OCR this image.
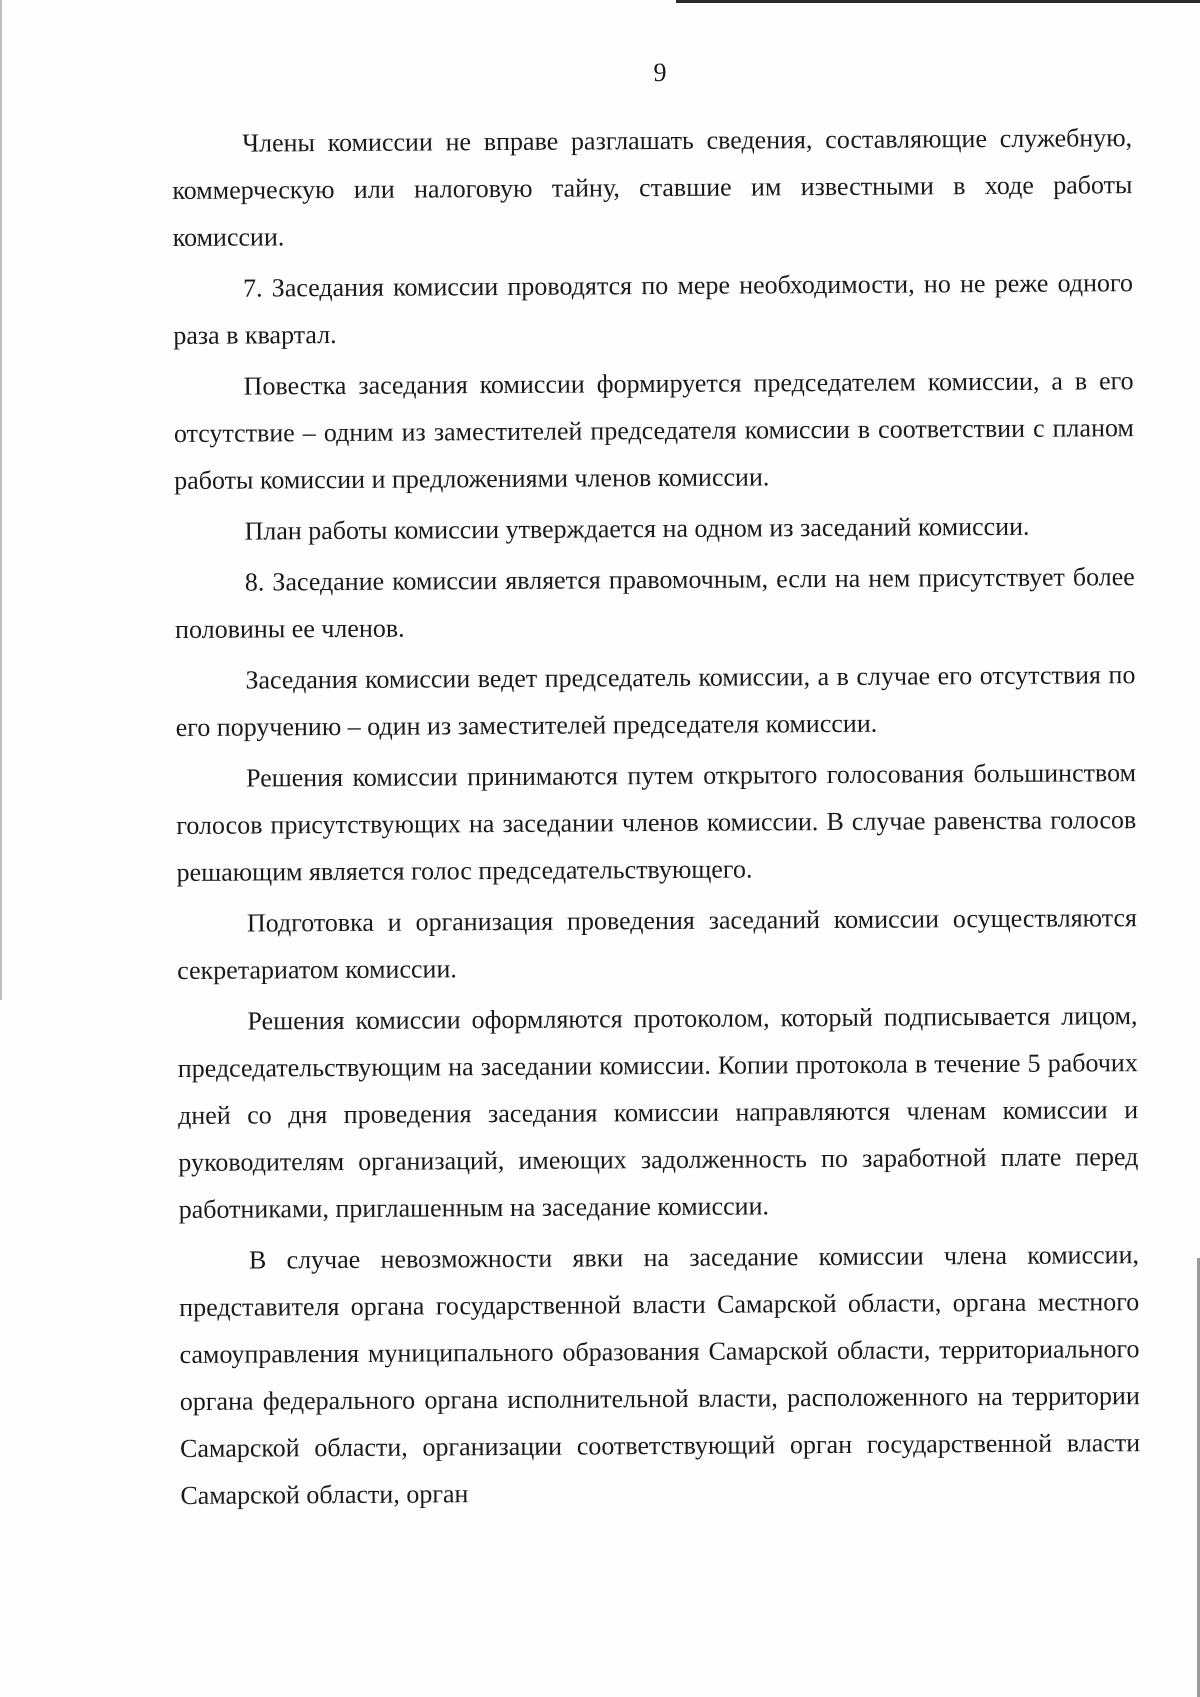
9

Члены комиссии не вправе разглашать сведения, составляющие служебную, коммерческую или налоговую тайну, ставшие им известными в ходе работы комиссии.

7. Заседания комиссии проводятся по мере необходимости, но не реже одного раза в квартал.

Повестка заседания комиссии формируется председателем комиссии, а в его отсутствие – одним из заместителей председателя комиссии в соответствии с планом работы комиссии и предложениями членов комиссии.

План работы комиссии утверждается на одном из заседаний комиссии.

8. Заседание комиссии является правомочным, если на нем присутствует более половины ее членов.

Заседания комиссии ведет председатель комиссии, а в случае его отсутствия по его поручению – один из заместителей председателя комиссии.

Решения комиссии принимаются путем открытого голосования большинством голосов присутствующих на заседании членов комиссии. В случае равенства голосов решающим является голос председательствующего.

Подготовка и организация проведения заседаний комиссии осуществляются секретариатом комиссии.

Решения комиссии оформляются протоколом, который подписывается лицом, председательствующим на заседании комиссии. Копии протокола в течение 5 рабочих дней со дня проведения заседания комиссии направляются членам комиссии и руководителям организаций, имеющих задолженность по заработной плате перед работниками, приглашенным на заседание комиссии.

В случае невозможности явки на заседание комиссии члена комиссии, представителя органа государственной власти Самарской области, органа местного самоуправления муниципального образования Самарской области, территориального органа федерального органа исполнительной власти, расположенного на территории Самарской области, организации соответствующий орган государственной власти Самарской области, орган
